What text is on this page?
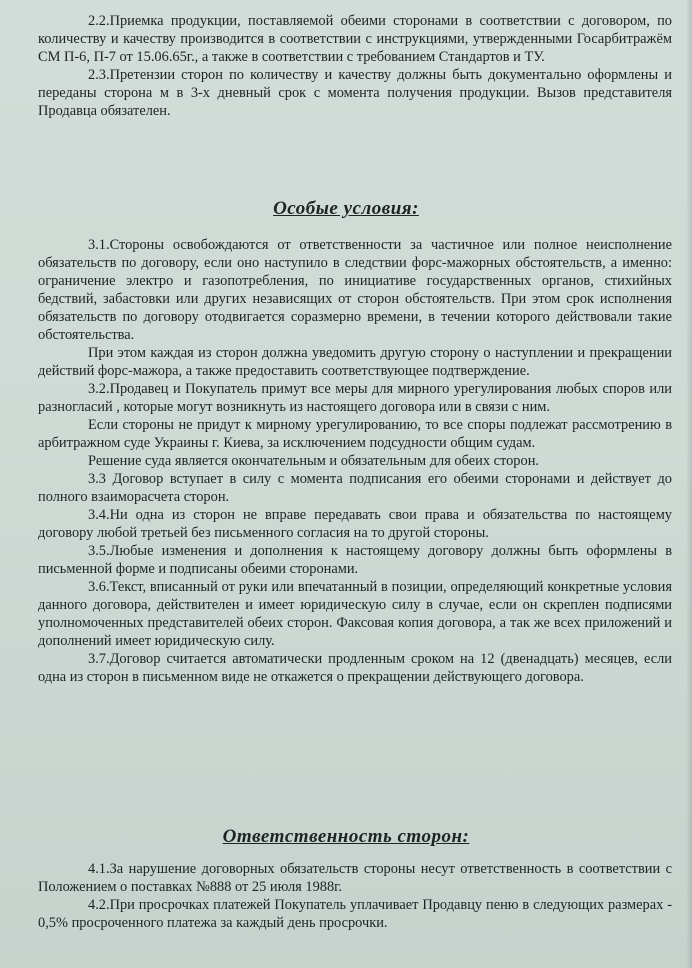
2.2.Приемка продукции, поставляемой обеими сторонами в соответствии с договором, по количеству и качеству производится в соответствии с инструкциями, утвержденными Госарбитражём СМ П-6, П-7 от 15.06.65г., а также в соответствии с требованием Стандартов и ТУ.

2.3.Претензии сторон по количеству и качеству должны быть документально оформлены и переданы сторона м в 3-х дневный срок с момента получения продукции. Вызов представителя Продавца обязателен.

Особые условия:

3.1.Стороны освобождаются от ответственности за частичное или полное неисполнение обязательств по договору, если оно наступило в следствии форс-мажорных обстоятельств, а именно: ограничение электро и газопотребления, по инициативе государственных органов, стихийных бедствий, забастовки или других независящих от сторон обстоятельств. При этом срок исполнения обязательств по договору отодвигается соразмерно времени, в течении которого действовали такие обстоятельства.

При этом каждая из сторон должна уведомить другую сторону о наступлении и прекращении действий форс-мажора, а также предоставить соответствующее подтверждение.

3.2.Продавец и Покупатель примут все меры для мирного урегулирования любых споров или разногласий , которые могут возникнуть из настоящего договора или в связи с ним.

Если стороны не придут к мирному урегулированию, то все споры подлежат рассмотрению в арбитражном суде Украины г. Киева, за исключением подсудности общим судам.

Решение суда является окончательным и обязательным для обеих сторон.

3.3 Договор вступает в силу с момента подписания его обеими сторонами и действует до полного взаиморасчета сторон.

3.4.Ни одна из сторон не вправе передавать свои права и обязательства по настоящему договору любой третьей без письменного согласия на то другой стороны.

3.5.Любые изменения и дополнения к настоящему договору должны быть оформлены в письменной форме и подписаны обеими сторонами.

3.6.Текст, вписанный от руки или впечатанный в позиции, определяющий конкретные условия данного договора, действителен и имеет юридическую силу в случае, если он скреплен подписями уполномоченных представителей обеих сторон. Факсовая копия договора, а так же всех приложений и дополнений имеет юридическую силу.

3.7.Договор считается автоматически продленным сроком на 12 (двенадцать) месяцев, если одна из сторон в письменном виде не откажется о прекращении действующего договора.

Ответственность сторон:

4.1.За нарушение договорных обязательств стороны несут ответственность в соответствии с Положением о поставках №888 от 25 июля 1988г.

4.2.При просрочках платежей Покупатель уплачивает Продавцу пеню в следующих размерах - 0,5% просроченного платежа за каждый день просрочки.
